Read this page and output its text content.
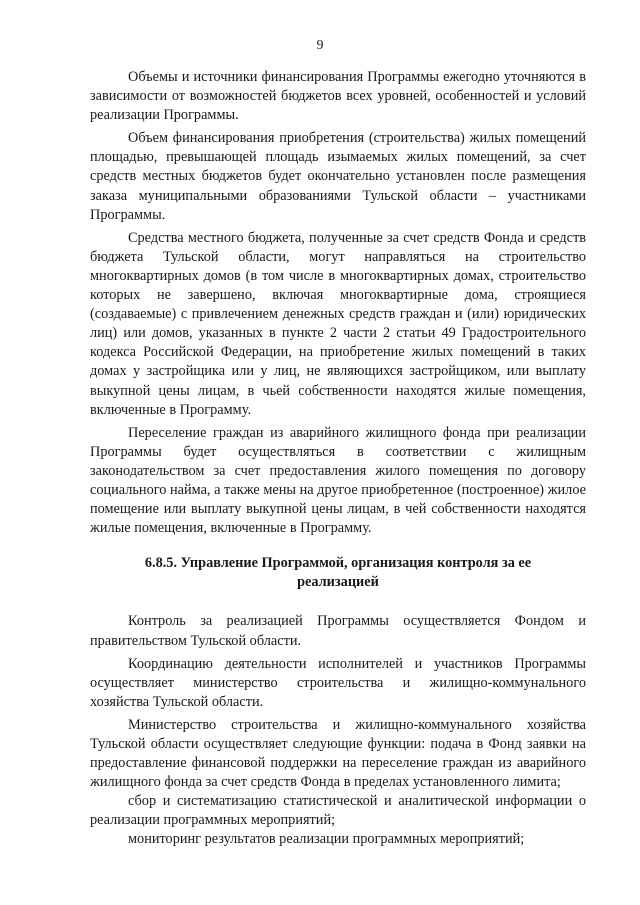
9

Объемы и источники финансирования Программы ежегодно уточняются в зависимости от возможностей бюджетов всех уровней, особенностей и условий реализации Программы.

Объем финансирования приобретения (строительства) жилых помещений площадью, превышающей площадь изымаемых жилых помещений, за счет средств местных бюджетов будет окончательно установлен после размещения заказа муниципальными образованиями Тульской области – участниками Программы.

Средства местного бюджета, полученные за счет средств Фонда и средств бюджета Тульской области, могут направляться на строительство многоквартирных домов (в том числе в многоквартирных домах, строительство которых не завершено, включая многоквартирные дома, строящиеся (создаваемые) с привлечением денежных средств граждан и (или) юридических лиц) или домов, указанных в пункте 2 части 2 статьи 49 Градостроительного кодекса Российской Федерации, на приобретение жилых помещений в таких домах у застройщика или у лиц, не являющихся застройщиком, или выплату выкупной цены лицам, в чьей собственности находятся жилые помещения, включенные в Программу.

Переселение граждан из аварийного жилищного фонда при реализации Программы будет осуществляться в соответствии с жилищным законодательством за счет предоставления жилого помещения по договору социального найма, а также мены на другое приобретенное (построенное) жилое помещение или выплату выкупной цены лицам, в чей собственности находятся жилые помещения, включенные в Программу.

6.8.5. Управление Программой, организация контроля за ее реализацией

Контроль за реализацией Программы осуществляется Фондом и правительством Тульской области.

Координацию деятельности исполнителей и участников Программы осуществляет министерство строительства и жилищно-коммунального хозяйства Тульской области.

Министерство строительства и жилищно-коммунального хозяйства Тульской области осуществляет следующие функции: подача в Фонд заявки на предоставление финансовой поддержки на переселение граждан из аварийного жилищного фонда за счет средств Фонда в пределах установленного лимита;

сбор и систематизацию статистической и аналитической информации о реализации программных мероприятий;

мониторинг результатов реализации программных мероприятий;
